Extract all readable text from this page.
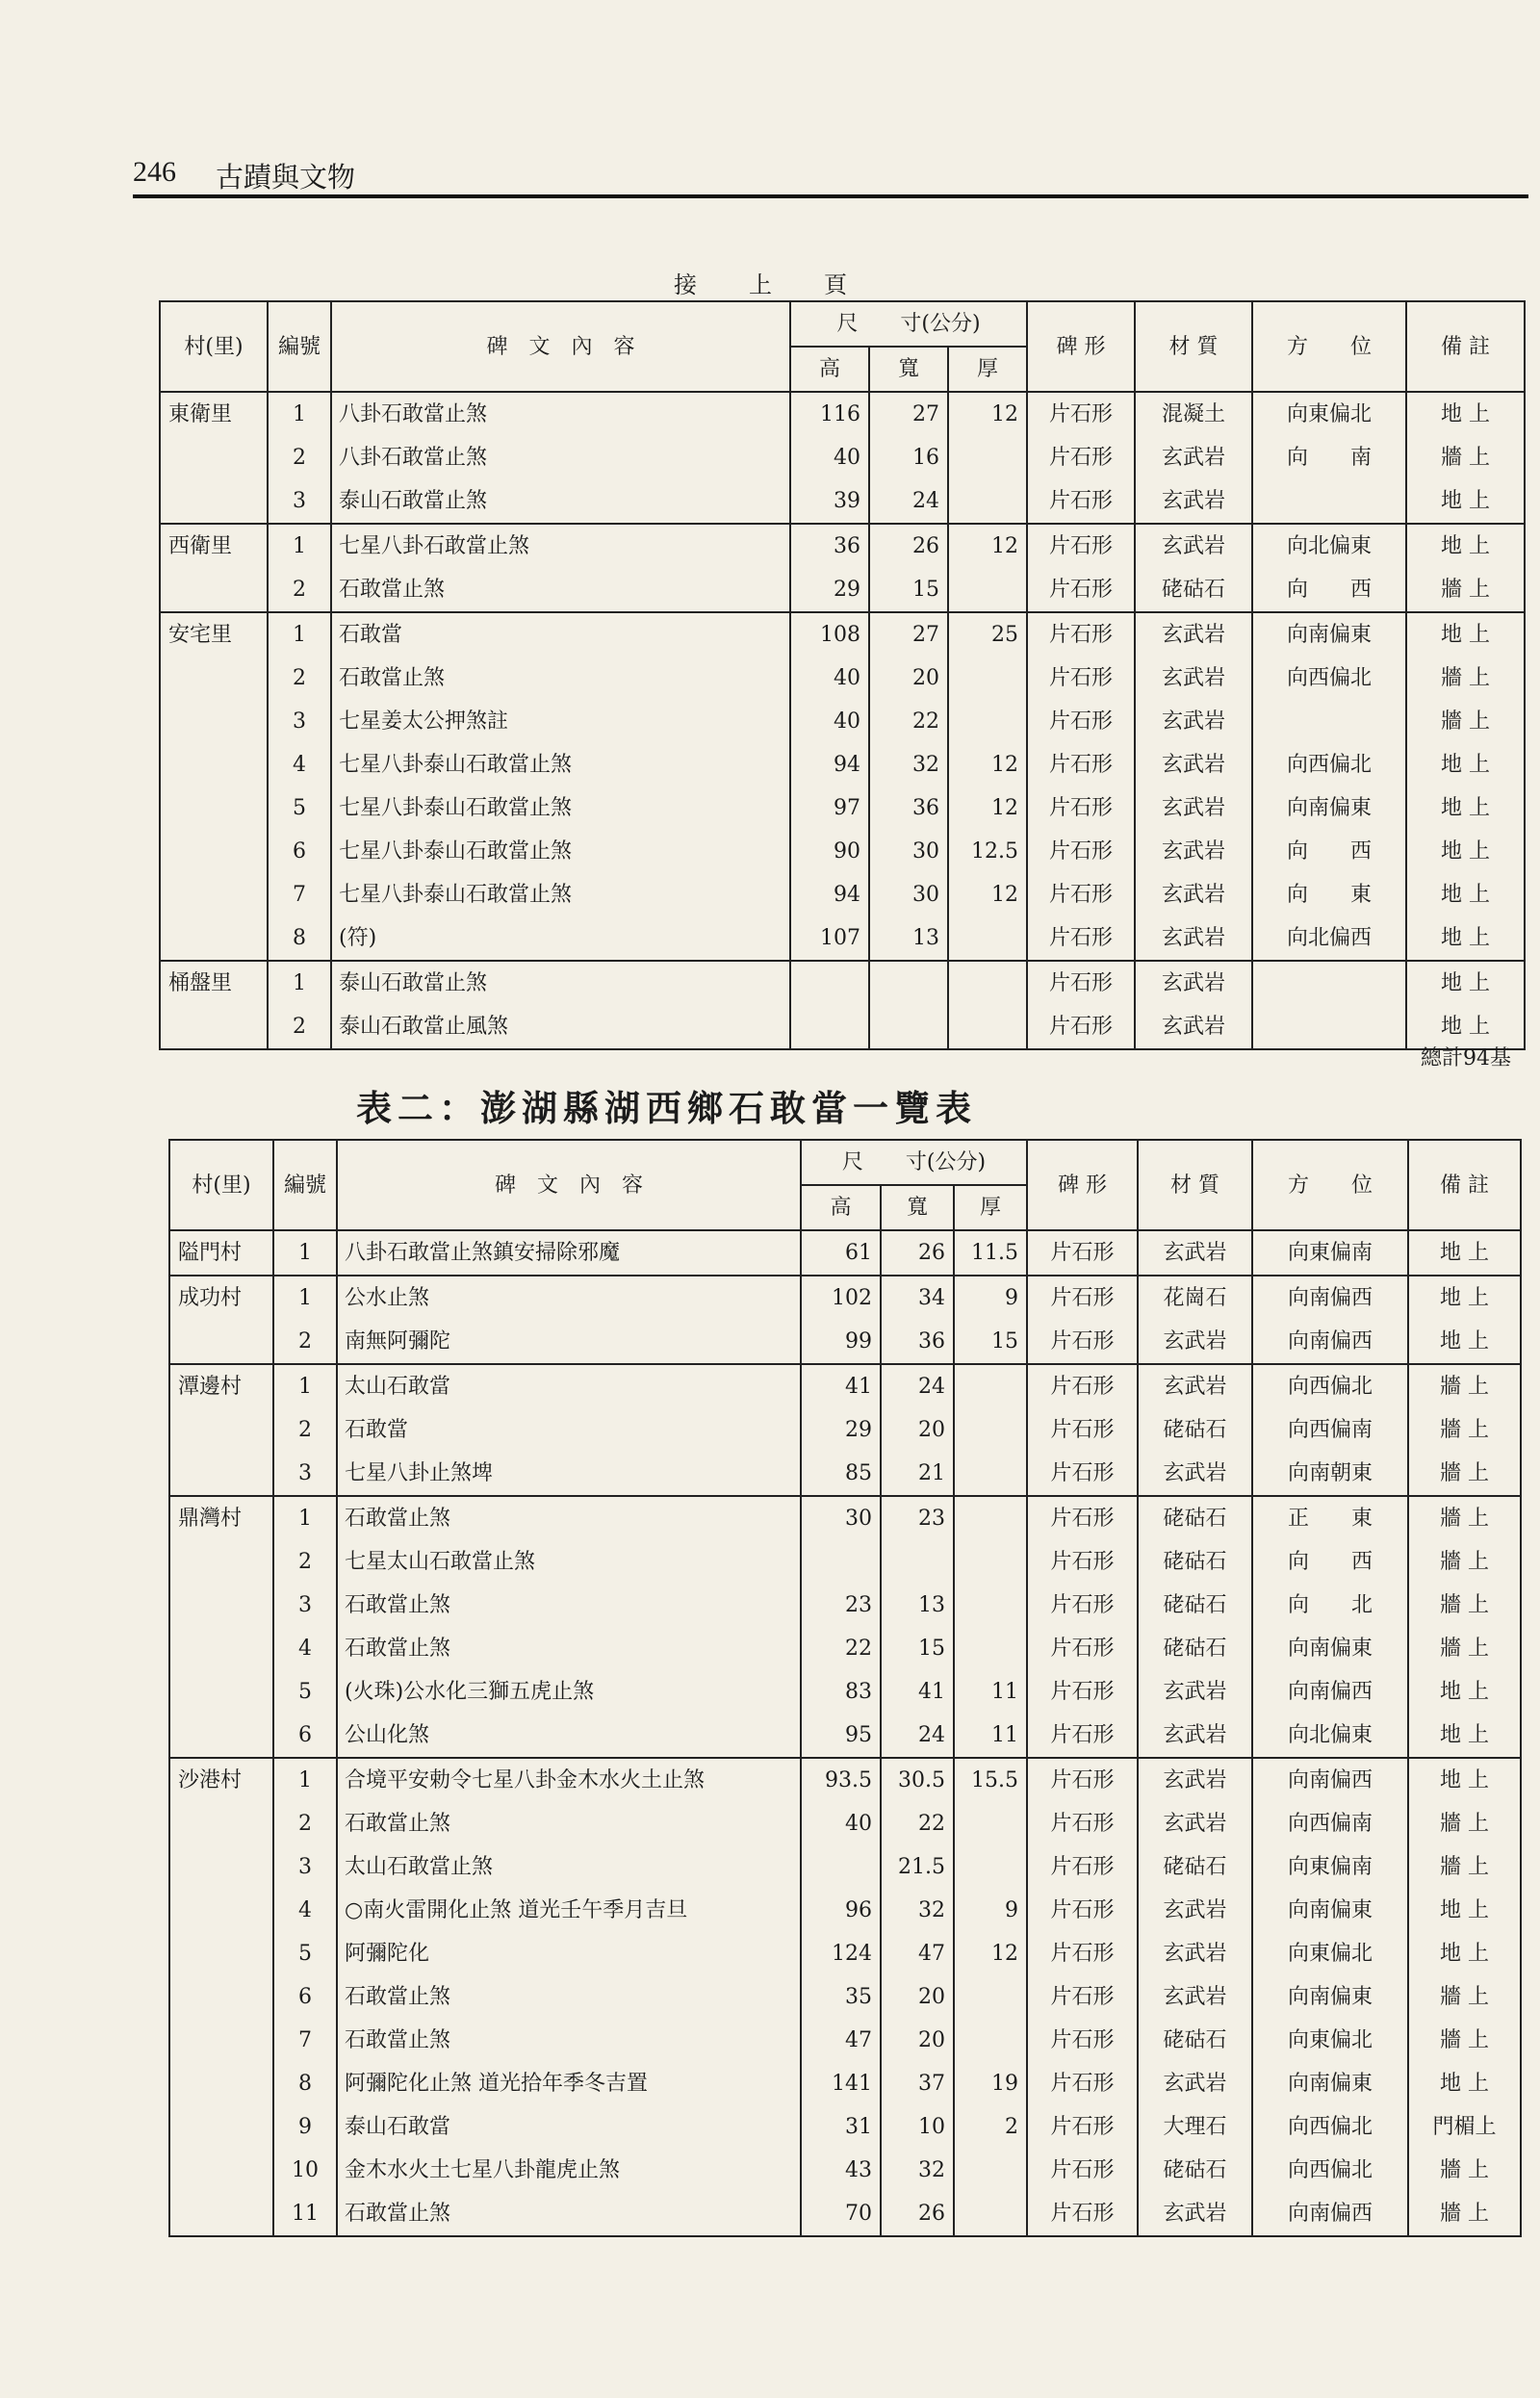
246 古蹟與文物
接上頁
村(里)	編號	碑　文　內　容	尺　　寸(公分)			碑 形	材 質	方　　位	備 註
			高	寬	厚				
東衛里	1	八卦石敢當止煞	116	27	12	片石形	混凝土	向東偏北	地 上
	2	八卦石敢當止煞	40	16		片石形	玄武岩	向　　南	牆 上
	3	泰山石敢當止煞	39	24		片石形	玄武岩		地 上
西衛里	1	七星八卦石敢當止煞	36	26	12	片石形	玄武岩	向北偏東	地 上
	2	石敢當止煞	29	15		片石形	硓𥑮石	向　　西	牆 上
安宅里	1	石敢當	108	27	25	片石形	玄武岩	向南偏東	地 上
	2	石敢當止煞	40	20		片石形	玄武岩	向西偏北	牆 上
	3	七星姜太公押煞註	40	22		片石形	玄武岩		牆 上
	4	七星八卦泰山石敢當止煞	94	32	12	片石形	玄武岩	向西偏北	地 上
	5	七星八卦泰山石敢當止煞	97	36	12	片石形	玄武岩	向南偏東	地 上
	6	七星八卦泰山石敢當止煞	90	30	12.5	片石形	玄武岩	向　　西	地 上
	7	七星八卦泰山石敢當止煞	94	30	12	片石形	玄武岩	向　　東	地 上
	8	(符)	107	13		片石形	玄武岩	向北偏西	地 上
桶盤里	1	泰山石敢當止煞				片石形	玄武岩		地 上
	2	泰山石敢當止風煞				片石形	玄武岩		地 上
總計94基
表二：澎湖縣湖西鄉石敢當一覽表
村(里)	編號	碑　文　內　容	尺　　寸(公分)			碑 形	材 質	方　　位	備 註
			高	寬	厚				
隘門村	1	八卦石敢當止煞鎮安掃除邪魔	61	26	11.5	片石形	玄武岩	向東偏南	地 上
成功村	1	公水止煞	102	34	9	片石形	花崗石	向南偏西	地 上
	2	南無阿彌陀	99	36	15	片石形	玄武岩	向南偏西	地 上
潭邊村	1	太山石敢當	41	24		片石形	玄武岩	向西偏北	牆 上
	2	石敢當	29	20		片石形	硓𥑮石	向西偏南	牆 上
	3	七星八卦止煞埤	85	21		片石形	玄武岩	向南朝東	牆 上
鼎灣村	1	石敢當止煞	30	23		片石形	硓𥑮石	正　　東	牆 上
	2	七星太山石敢當止煞				片石形	硓𥑮石	向　　西	牆 上
	3	石敢當止煞	23	13		片石形	硓𥑮石	向　　北	牆 上
	4	石敢當止煞	22	15		片石形	硓𥑮石	向南偏東	牆 上
	5	(火珠)公水化三獅五虎止煞	83	41	11	片石形	玄武岩	向南偏西	地 上
	6	公山化煞	95	24	11	片石形	玄武岩	向北偏東	地 上
沙港村	1	合境平安勅令七星八卦金木水火土止煞	93.5	30.5	15.5	片石形	玄武岩	向南偏西	地 上
	2	石敢當止煞	40	22		片石形	玄武岩	向西偏南	牆 上
	3	太山石敢當止煞		21.5		片石形	硓𥑮石	向東偏南	牆 上
	4	○南火雷開化止煞 道光壬午季月吉旦	96	32	9	片石形	玄武岩	向南偏東	地 上
	5	阿彌陀化	124	47	12	片石形	玄武岩	向東偏北	地 上
	6	石敢當止煞	35	20		片石形	玄武岩	向南偏東	牆 上
	7	石敢當止煞	47	20		片石形	硓𥑮石	向東偏北	牆 上
	8	阿彌陀化止煞 道光拾年季冬吉置	141	37	19	片石形	玄武岩	向南偏東	地 上
	9	泰山石敢當	31	10	2	片石形	大理石	向西偏北	門楣上
	10	金木水火土七星八卦龍虎止煞	43	32		片石形	硓𥑮石	向西偏北	牆 上
	11	石敢當止煞	70	26		片石形	玄武岩	向南偏西	牆 上
